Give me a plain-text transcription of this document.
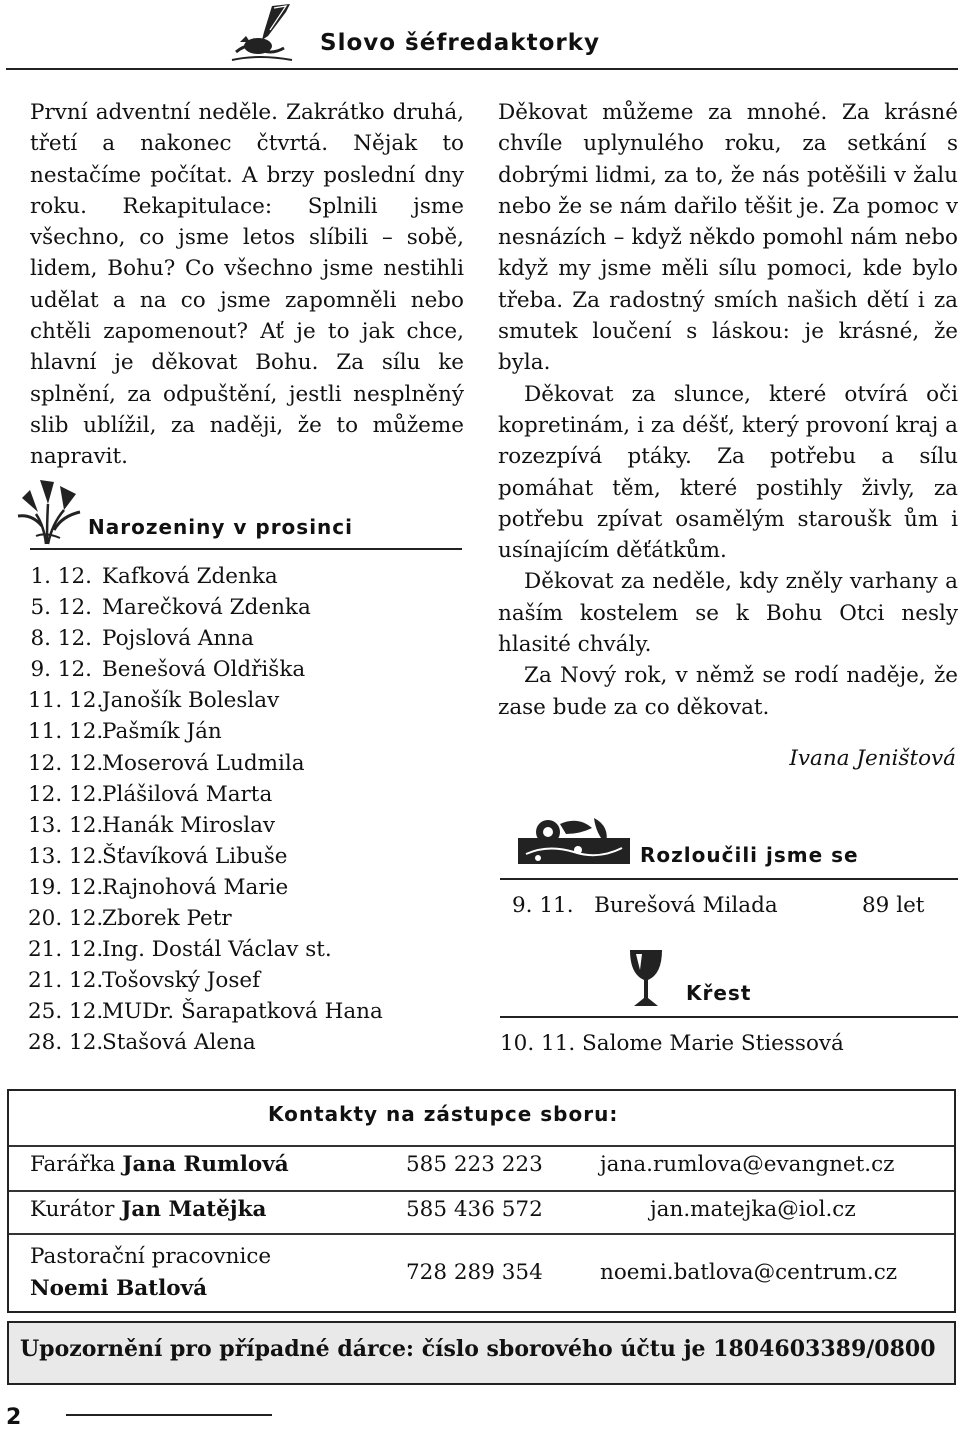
Slovo šéfredaktorky

První adventní neděle. Zakrátko druhá, třetí a nakonec čtvrtá. Nějak to nestačíme počítat. A brzy poslední dny roku. Rekapitulace: Splnili jsme všechno, co jsme letos slíbili – sobě, lidem, Bohu? Co všechno jsme nestihli udělat a na co jsme zapomněli nebo chtěli zapomenout? Ať je to jak chce, hlavní je děkovat Bohu. Za sílu ke splnění, za odpuštění, jestli nesplněný slib ublížil, za naději, že to můžeme napravit.

Děkovat můžeme za mnohé. Za krásné chvíle uplynulého roku, za setkání s dobrými lidmi, za to, že nás potěšili v žalu nebo že se nám dařilo těšit je. Za pomoc v nesnázích – když někdo pomohl nám nebo když my jsme měli sílu pomoci, kde bylo třeba. Za radostný smích našich dětí i za smutek loučení s láskou: je krásné, že byla.

Děkovat za slunce, které otvírá oči kopretinám, i za déšť, který provoní kraj a rozezpívá ptáky. Za potřebu a sílu pomáhat těm, které postihly živly, za potřebu zpívat osamělým staroušk ům i usínajícím děťátkům.

Děkovat za neděle, kdy zněly varhany a naším kostelem se k Bohu Otci nesly hlasité chvály.

Za Nový rok, v němž se rodí naděje, že zase bude za co děkovat.

Ivana Jeništová
Narozeniny v prosinci
1. 12. Kafková Zdenka
5. 12. Marečková Zdenka
8. 12. Pojslová Anna
9. 12. Benešová Oldřiška
11. 12.Janošík Boleslav
11. 12.Pašmík Ján
12. 12.Moserová Ludmila
12. 12.Plášilová Marta
13. 12.Hanák Miroslav
13. 12.Šťavíková Libuše
19. 12.Rajnohová Marie
20. 12.Zborek Petr
21. 12.Ing. Dostál Václav st.
21. 12.Tošovský Josef
25. 12.MUDr. Šarapatková Hana
28. 12.Stašová Alena
Rozloučili jsme se
9. 11. Burešová Milada	89 let
Křest
10. 11. Salome Marie Stiessová
Kontakty na zástupce sboru:
Farářka Jana Rumlová	585 223 223	jana.rumlova@evangnet.cz
Kurátor Jan Matějka	585 436 572	jan.matejka@iol.cz
Pastorační pracovnice
Noemi Batlová
728 289 354	noemi.batlova@centrum.cz
Upozornění pro případné dárce: číslo sborového účtu je 1804603389/0800
2
